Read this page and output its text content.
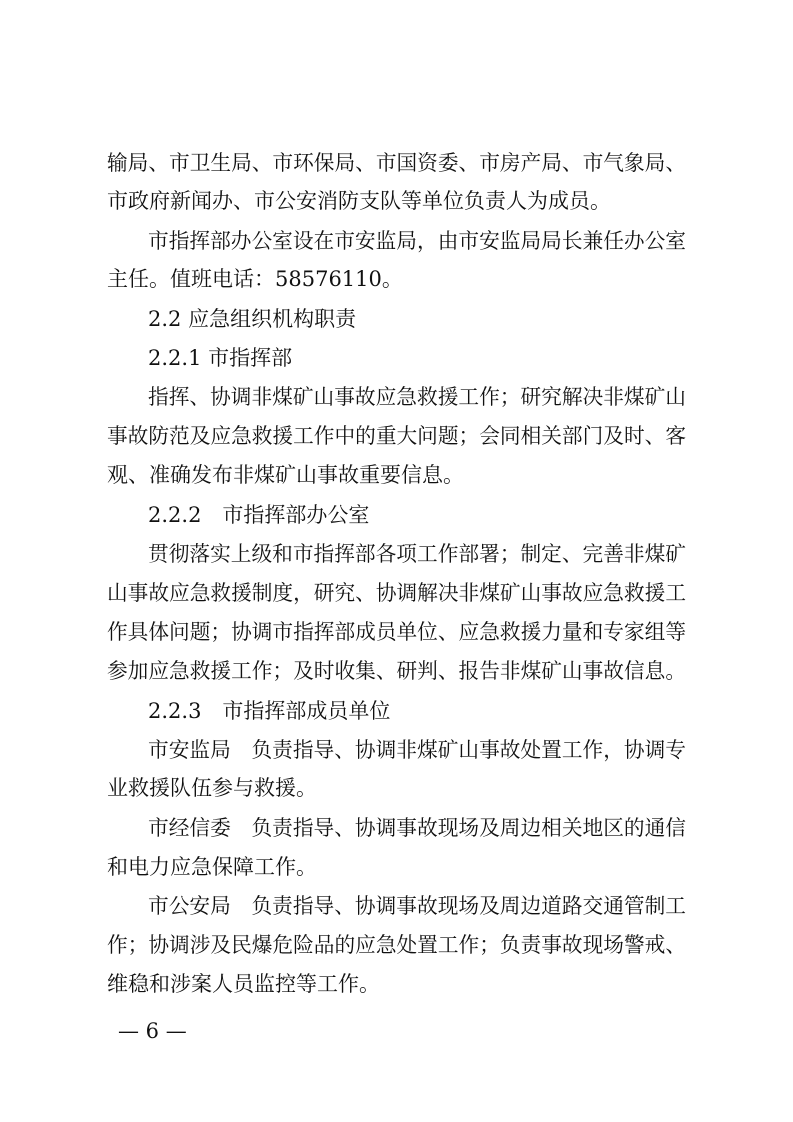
输局、市卫生局、市环保局、市国资委、市房产局、市气象局、
市政府新闻办、市公安消防支队等单位负责人为成员。
市指挥部办公室设在市安监局，由市安监局局长兼任办公室
主任。值班电话：58576110。
2.2 应急组织机构职责
2.2.1 市指挥部
指挥、协调非煤矿山事故应急救援工作；研究解决非煤矿山
事故防范及应急救援工作中的重大问题；会同相关部门及时、客
观、准确发布非煤矿山事故重要信息。
2.2.2　市指挥部办公室
贯彻落实上级和市指挥部各项工作部署；制定、完善非煤矿
山事故应急救援制度，研究、协调解决非煤矿山事故应急救援工
作具体问题；协调市指挥部成员单位、应急救援力量和专家组等
参加应急救援工作；及时收集、研判、报告非煤矿山事故信息。
2.2.3　市指挥部成员单位
市安监局　负责指导、协调非煤矿山事故处置工作，协调专
业救援队伍参与救援。
市经信委　负责指导、协调事故现场及周边相关地区的通信
和电力应急保障工作。
市公安局　负责指导、协调事故现场及周边道路交通管制工
作；协调涉及民爆危险品的应急处置工作；负责事故现场警戒、
维稳和涉案人员监控等工作。
— 6 —
